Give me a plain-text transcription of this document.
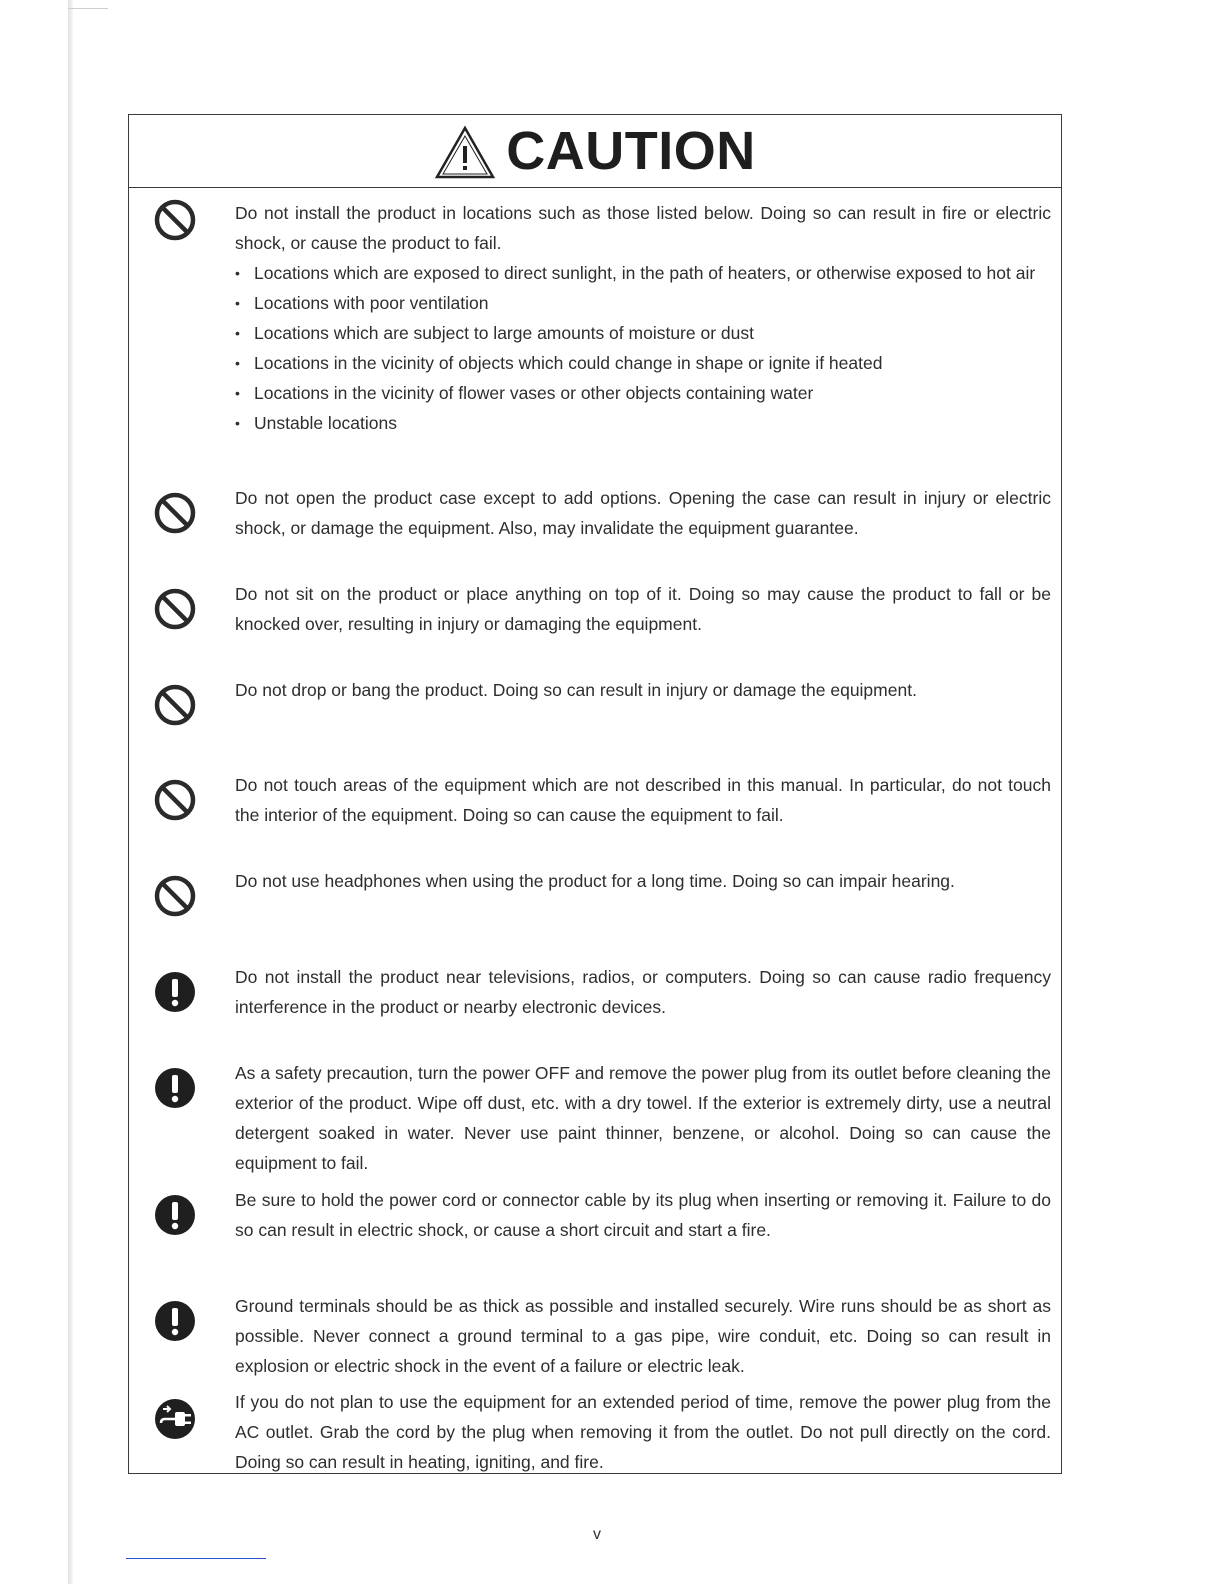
CAUTION

Do not install the product in locations such as those listed below. Doing so can result in fire or electric shock, or cause the product to fail.

• Locations which are exposed to direct sunlight, in the path of heaters, or otherwise exposed to hot air
• Locations with poor ventilation
• Locations which are subject to large amounts of moisture or dust
• Locations in the vicinity of objects which could change in shape or ignite if heated
• Locations in the vicinity of flower vases or other objects containing water
• Unstable locations
Do not open the product case except to add options. Opening the case can result in injury or electric shock, or damage the equipment. Also, may invalidate the equipment guarantee.
Do not sit on the product or place anything on top of it. Doing so may cause the product to fall or be knocked over, resulting in injury or damaging the equipment.
Do not drop or bang the product. Doing so can result in injury or damage the equipment.
Do not touch areas of the equipment which are not described in this manual. In particular, do not touch the interior of the equipment. Doing so can cause the equipment to fail.
Do not use headphones when using the product for a long time. Doing so can impair hearing.
Do not install the product near televisions, radios, or computers. Doing so can cause radio frequency interference in the product or nearby electronic devices.
As a safety precaution, turn the power OFF and remove the power plug from its outlet before cleaning the exterior of the product. Wipe off dust, etc. with a dry towel. If the exterior is extremely dirty, use a neutral detergent soaked in water. Never use paint thinner, benzene, or alcohol. Doing so can cause the equipment to fail.
Be sure to hold the power cord or connector cable by its plug when inserting or removing it. Failure to do so can result in electric shock, or cause a short circuit and start a fire.
Ground terminals should be as thick as possible and installed securely. Wire runs should be as short as possible. Never connect a ground terminal to a gas pipe, wire conduit, etc. Doing so can result in explosion or electric shock in the event of a failure or electric leak.
If you do not plan to use the equipment for an extended period of time, remove the power plug from the AC outlet. Grab the cord by the plug when removing it from the outlet. Do not pull directly on the cord. Doing so can result in heating, igniting, and fire.
v
